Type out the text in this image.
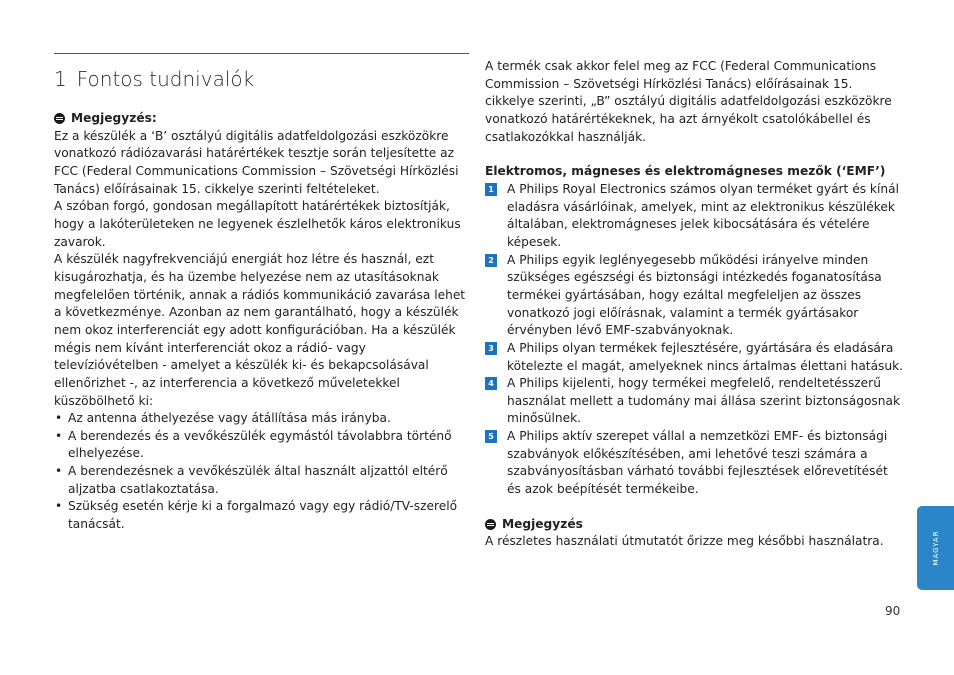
1 Fontos tudnivalók
Megjegyzés:

Ez a készülék a ‘B’ osztályú digitális adatfeldolgozási eszközökre vonatkozó rádiózavarási határértékek tesztje során teljesítette az FCC (Federal Communications Commission – Szövetségi Hírközlési Tanács) előírásainak 15. cikkelye szerinti feltételeket.

A szóban forgó, gondosan megállapított határértékek biztosítják, hogy a lakóterületeken ne legyenek észlelhetők káros elektronikus zavarok.

A készülék nagyfrekvenciájú energiát hoz létre és használ, ezt kisugározhatja, és ha üzembe helyezése nem az utasításoknak megfelelően történik, annak a rádiós kommunikáció zavarása lehet a következménye. Azonban az nem garantálható, hogy a készülék nem okoz interferenciát egy adott konfigurációban. Ha a készülék mégis nem kívánt interferenciát okoz a rádió- vagy televízióvételben - amelyet a készülék ki- és bekapcsolásával ellenőrizhet -, az interferencia a következő műveletekkel küszöbölhető ki:

• Az antenna áthelyezése vagy átállítása más irányba.
• A berendezés és a vevőkészülék egymástól távolabbra történő elhelyezése.
• A berendezésnek a vevőkészülék által használt aljzattól eltérő aljzatba csatlakoztatása.
• Szükség esetén kérje ki a forgalmazó vagy egy rádió/TV-szerelő tanácsát.

A termék csak akkor felel meg az FCC (Federal Communications Commission – Szövetségi Hírközlési Tanács) előírásainak 15. cikkelye szerinti, „B” osztályú digitális adatfeldolgozási eszközökre vonatkozó határértékeknek, ha azt árnyékolt csatolókábellel és csatlakozókkal használják.

Elektromos, mágneses és elektromágneses mezők (‘EMF’)
1 A Philips Royal Electronics számos olyan terméket gyárt és kínál eladásra vásárlóinak, amelyek, mint az elektronikus készülékek általában, elektromágneses jelek kibocsátására és vételére képesek.
2 A Philips egyik leglényegesebb működési irányelve minden szükséges egészségi és biztonsági intézkedés foganatosítása termékei gyártásában, hogy ezáltal megfeleljen az összes vonatkozó jogi előírásnak, valamint a termék gyártásakor érvényben lévő EMF-szabványoknak.
3 A Philips olyan termékek fejlesztésére, gyártására és eladására kötelezte el magát, amelyeknek nincs ártalmas élettani hatásuk.
4 A Philips kijelenti, hogy termékei megfelelő, rendeltetésszerű használat mellett a tudomány mai állása szerint biztonságosnak minősülnek.
5 A Philips aktív szerepet vállal a nemzetközi EMF- és biztonsági szabványok előkészítésében, ami lehetővé teszi számára a szabványosításban várható további fejlesztések előrevetítését és azok beépítését termékeibe.
Megjegyzés

A részletes használati útmutatót őrizze meg későbbi használatra.	MAGYAR
90
